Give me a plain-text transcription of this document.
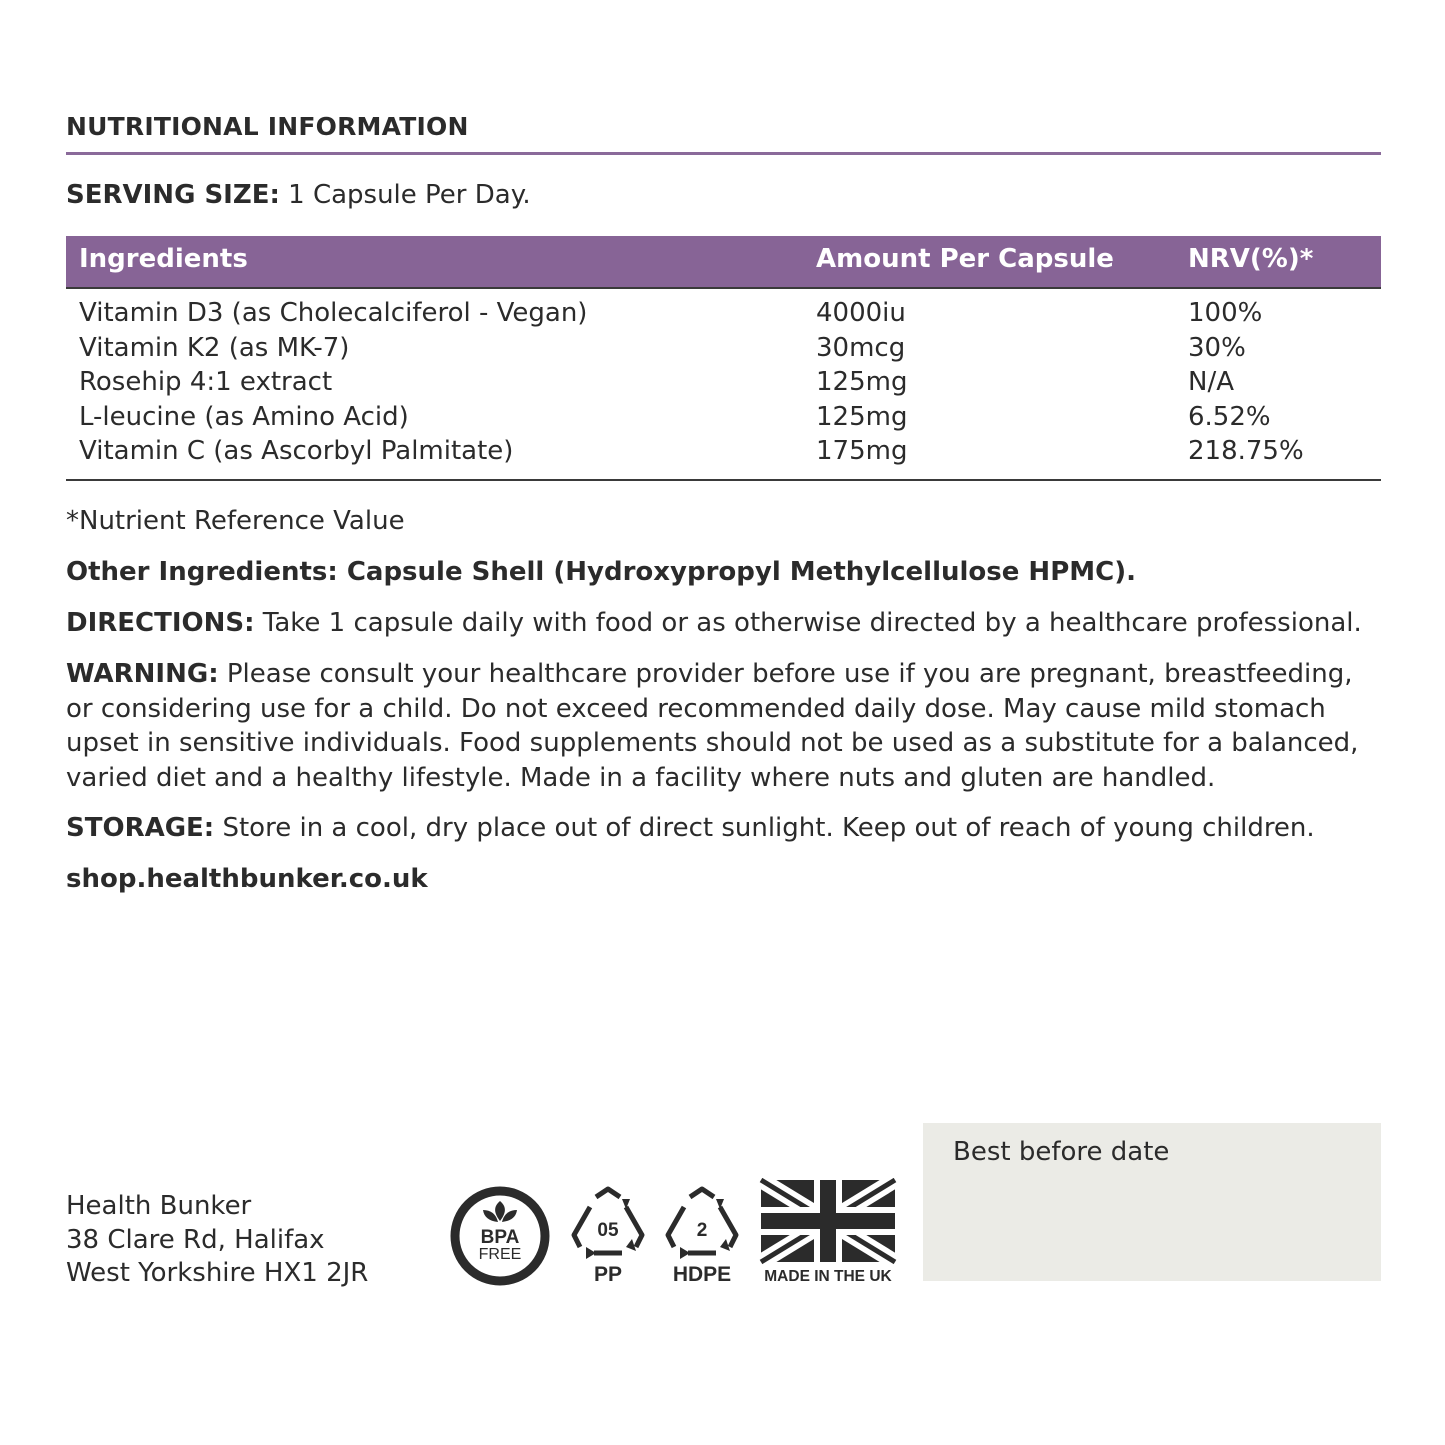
NUTRITIONAL INFORMATION
SERVING SIZE: 1 Capsule Per Day.
Ingredients	Amount Per Capsule	NRV(%)*
Vitamin D3 (as Cholecalciferol - Vegan)	4000iu	100%
Vitamin K2 (as MK-7)	30mcg	30%
Rosehip 4:1 extract	125mg	N/A
L-leucine (as Amino Acid)	125mg	6.52%
Vitamin C (as Ascorbyl Palmitate)	175mg	218.75%
*Nutrient Reference Value
Other Ingredients: Capsule Shell (Hydroxypropyl Methylcellulose HPMC).
DIRECTIONS: Take 1 capsule daily with food or as otherwise directed by a healthcare professional.
WARNING: Please consult your healthcare provider before use if you are pregnant, breastfeeding, or considering use for a child. Do not exceed recommended daily dose. May cause mild stomach upset in sensitive individuals. Food supplements should not be used as a substitute for a balanced, varied diet and a healthy lifestyle. Made in a facility where nuts and gluten are handled.
STORAGE: Store in a cool, dry place out of direct sunlight. Keep out of reach of young children.
shop.healthbunker.co.uk
Health Bunker
38 Clare Rd, Halifax
West Yorkshire HX1 2JR
BPA
FREE
05
PP
2
HDPE MADE IN THE UK
Best before date
